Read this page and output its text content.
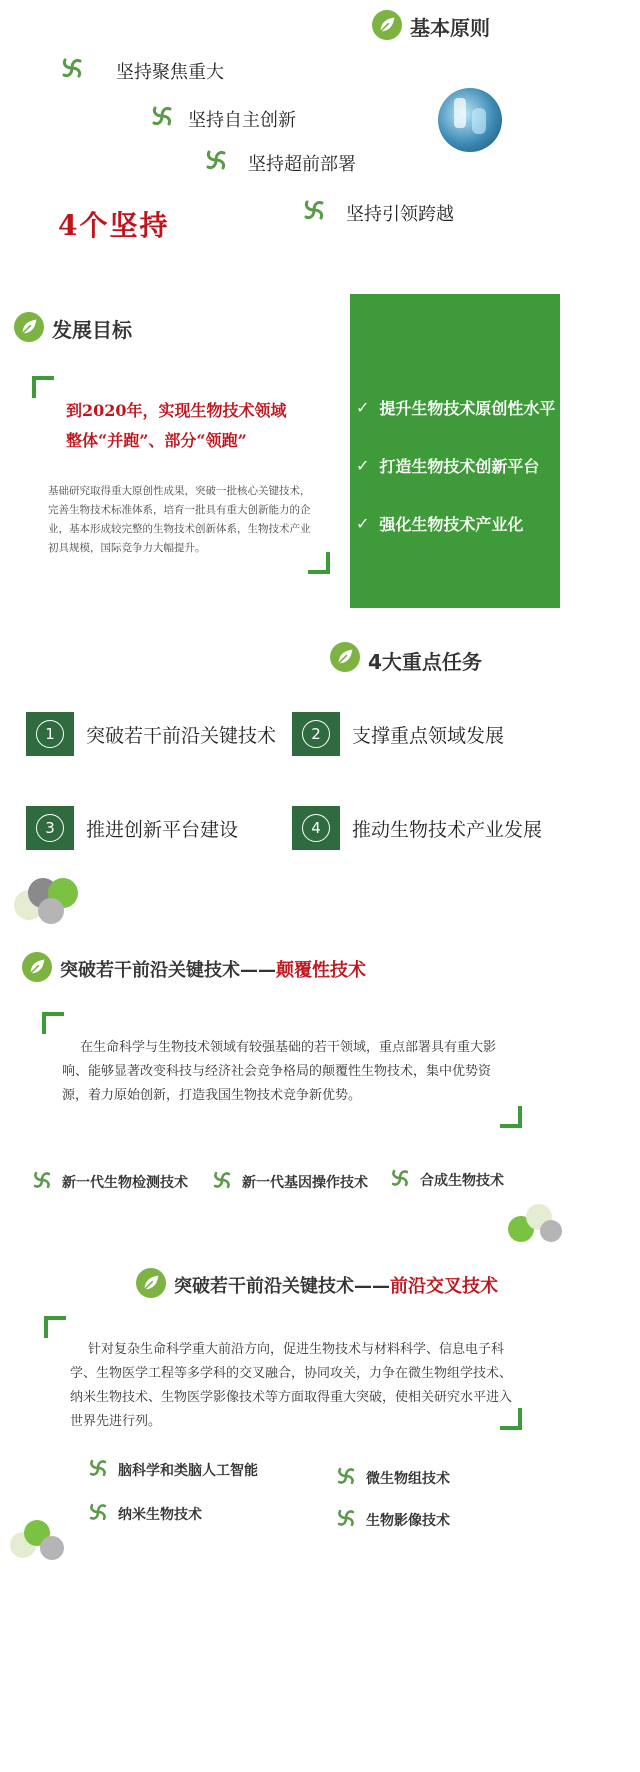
基本原则
坚持聚焦重大
坚持自主创新
坚持超前部署
4个坚持	坚持引领跨越
发展目标
到2020年，实现生物技术领域
整体“并跑”、部分“领跑”
基础研究取得重大原创性成果，突破一批核心关键技术，完善生物技术标准体系，培育一批具有重大创新能力的企业，基本形成较完整的生物技术创新体系，生物技术产业初具规模，国际竞争力大幅提升。
✓ 提升生物技术原创性水平
✓ 打造生物技术创新平台
✓ 强化生物技术产业化
4大重点任务
1	突破若干前沿关键技术	2	支撑重点领域发展
3	推进创新平台建设	4	推动生物技术产业发展
突破若干前沿关键技术——颠覆性技术
在生命科学与生物技术领域有较强基础的若干领域，重点部署具有重大影响、能够显著改变科技与经济社会竞争格局的颠覆性生物技术，集中优势资源，着力原始创新，打造我国生物技术竞争新优势。
新一代生物检测技术	新一代基因操作技术	合成生物技术
突破若干前沿关键技术——前沿交叉技术
针对复杂生命科学重大前沿方向，促进生物技术与材料科学、信息电子科学、生物医学工程等多学科的交叉融合，协同攻关，力争在微生物组学技术、纳米生物技术、生物医学影像技术等方面取得重大突破，使相关研究水平进入世界先进行列。
脑科学和类脑人工智能	微生物组技术
纳米生物技术	生物影像技术
